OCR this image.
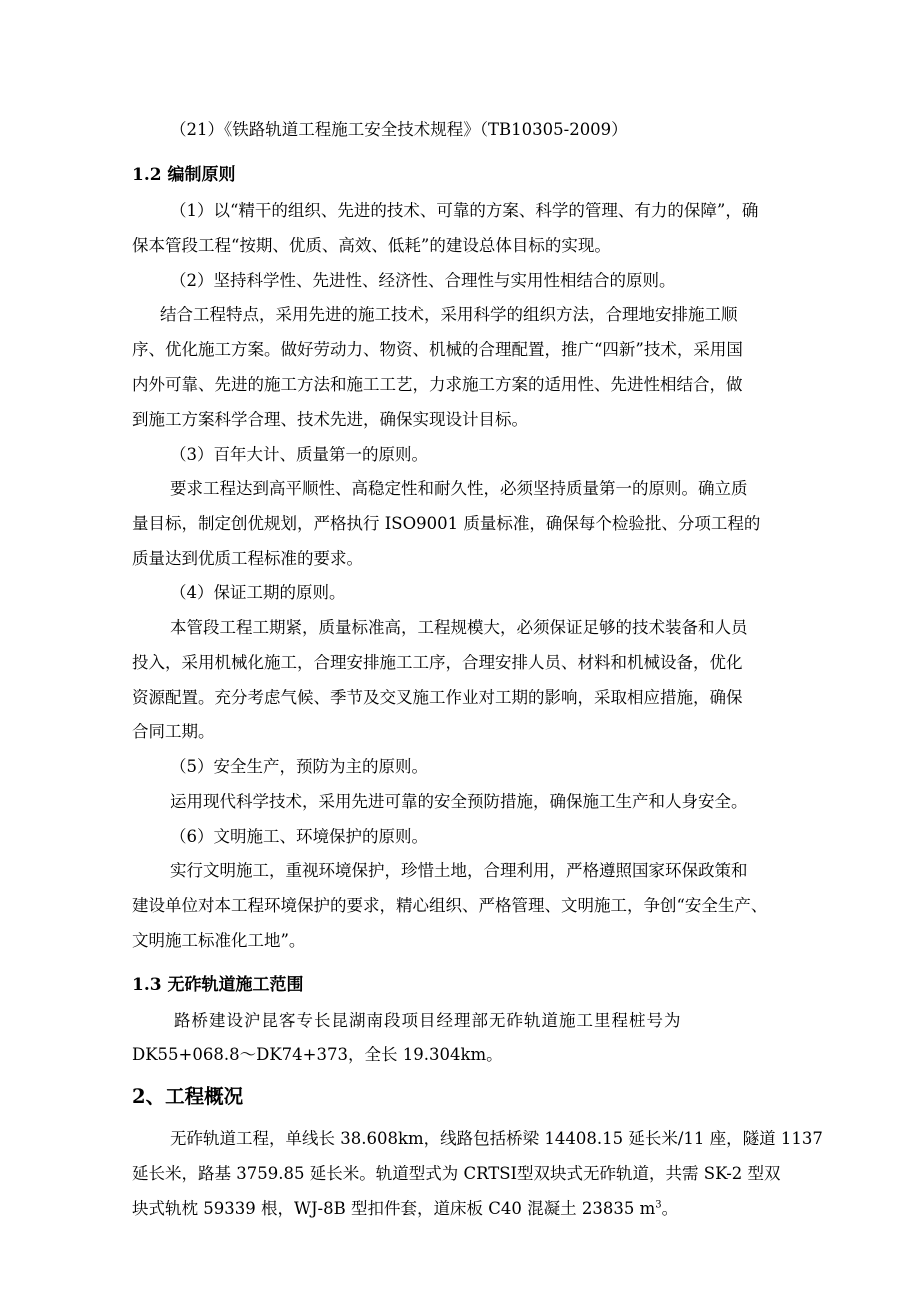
（21）《铁路轨道工程施工安全技术规程》（TB10305-2009）

1.2 编制原则

（1）以“精干的组织、先进的技术、可靠的方案、科学的管理、有力的保障”，确

保本管段工程“按期、优质、高效、低耗”的建设总体目标的实现。

（2）坚持科学性、先进性、经济性、合理性与实用性相结合的原则。

结合工程特点，采用先进的施工技术，采用科学的组织方法，合理地安排施工顺

序、优化施工方案。做好劳动力、物资、机械的合理配置，推广“四新”技术，采用国

内外可靠、先进的施工方法和施工工艺，力求施工方案的适用性、先进性相结合，做

到施工方案科学合理、技术先进，确保实现设计目标。

（3）百年大计、质量第一的原则。

要求工程达到高平顺性、高稳定性和耐久性，必须坚持质量第一的原则。确立质

量目标，制定创优规划，严格执行 ISO9001 质量标准，确保每个检验批、分项工程的

质量达到优质工程标准的要求。

（4）保证工期的原则。

本管段工程工期紧，质量标准高，工程规模大，必须保证足够的技术装备和人员

投入，采用机械化施工，合理安排施工工序，合理安排人员、材料和机械设备，优化

资源配置。充分考虑气候、季节及交叉施工作业对工期的影响，采取相应措施，确保

合同工期。

（5）安全生产，预防为主的原则。

运用现代科学技术，采用先进可靠的安全预防措施，确保施工生产和人身安全。

（6）文明施工、环境保护的原则。

实行文明施工，重视环境保护，珍惜土地，合理利用，严格遵照国家环保政策和

建设单位对本工程环境保护的要求，精心组织、严格管理、文明施工，争创“安全生产、

文明施工标准化工地”。

1.3 无砟轨道施工范围

路桥建设沪昆客专长昆湖南段项目经理部无砟轨道施工里程桩号为

DK55+068.8～DK74+373，全长 19.304km。

2、工程概况

无砟轨道工程，单线长 38.608km，线路包括桥梁 14408.15 延长米/11 座，隧道 1137

延长米，路基 3759.85 延长米。轨道型式为 CRTSI型双块式无砟轨道，共需 SK-2 型双

块式轨枕 59339 根，WJ-8B 型扣件套，道床板 C40 混凝土 23835 $m^3$。
